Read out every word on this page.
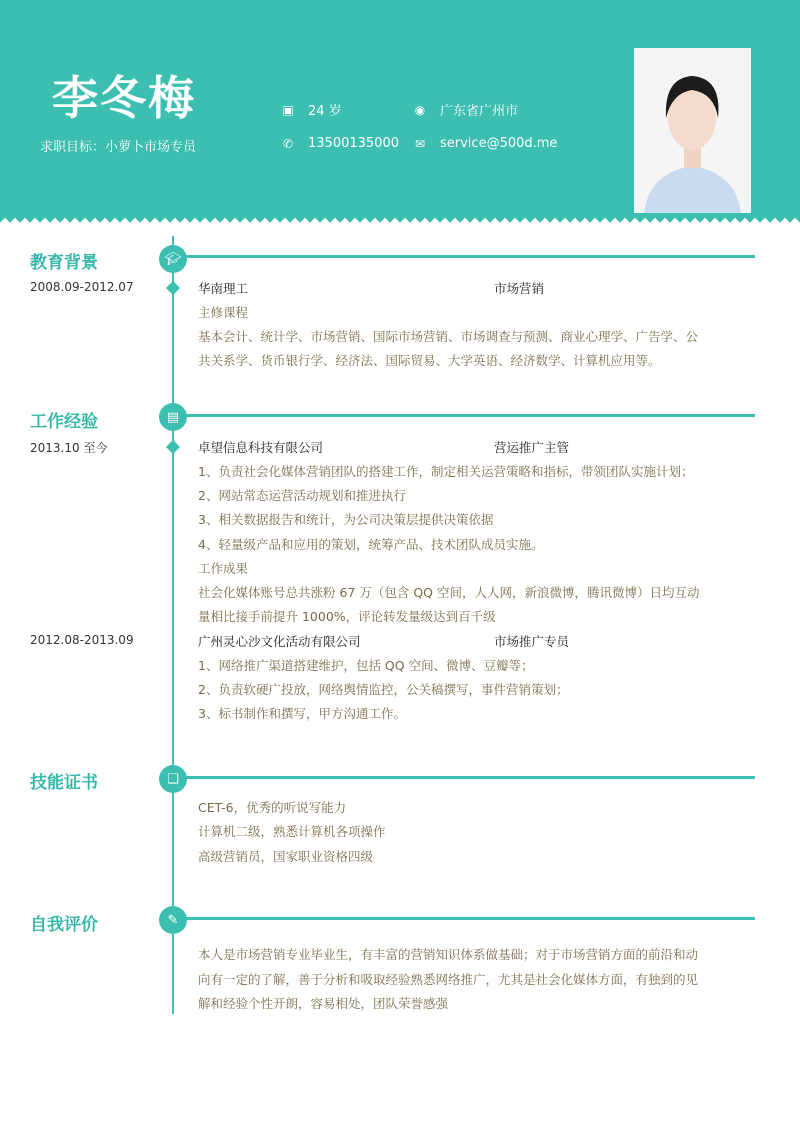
李冬梅
求职目标：小萝卜市场专员
▣ 24 岁	◉ 广东省广州市
✆ 13500135000 ✉ service@500d.me
教育背景	🎓︎
2008.09-2012.07	华南理工	市场营销
主修课程
基本会计、统计学、市场营销、国际市场营销、市场调查与预测、商业心理学、广告学、公
共关系学、货币银行学、经济法、国际贸易、大学英语、经济数学、计算机应用等。
工作经验	▤
2013.10 至今	卓望信息科技有限公司	营运推广主管
1、负责社会化媒体营销团队的搭建工作，制定相关运营策略和指标，带领团队实施计划；
2、网站常态运营活动规划和推进执行
3、相关数据报告和统计，为公司决策层提供决策依据
4、轻量级产品和应用的策划，统筹产品、技术团队成员实施。
工作成果
社会化媒体账号总共涨粉 67 万（包含 QQ 空间，人人网，新浪微博，腾讯微博）日均互动
量相比接手前提升 1000%，评论转发量级达到百千级
2012.08-2013.09	广州灵心沙文化活动有限公司	市场推广专员
1、网络推广渠道搭建维护，包括 QQ 空间、微博、豆瓣等；
2、负责软硬广投放，网络舆情监控，公关稿撰写，事件营销策划；
3、标书制作和撰写，甲方沟通工作。
技能证书	❏
CET-6，优秀的听说写能力
计算机二级，熟悉计算机各项操作
高级营销员，国家职业资格四级
自我评价	✎
本人是市场营销专业毕业生，有丰富的营销知识体系做基础；对于市场营销方面的前沿和动
向有一定的了解，善于分析和吸取经验熟悉网络推广，尤其是社会化媒体方面，有独到的见
解和经验个性开朗，容易相处，团队荣誉感强
